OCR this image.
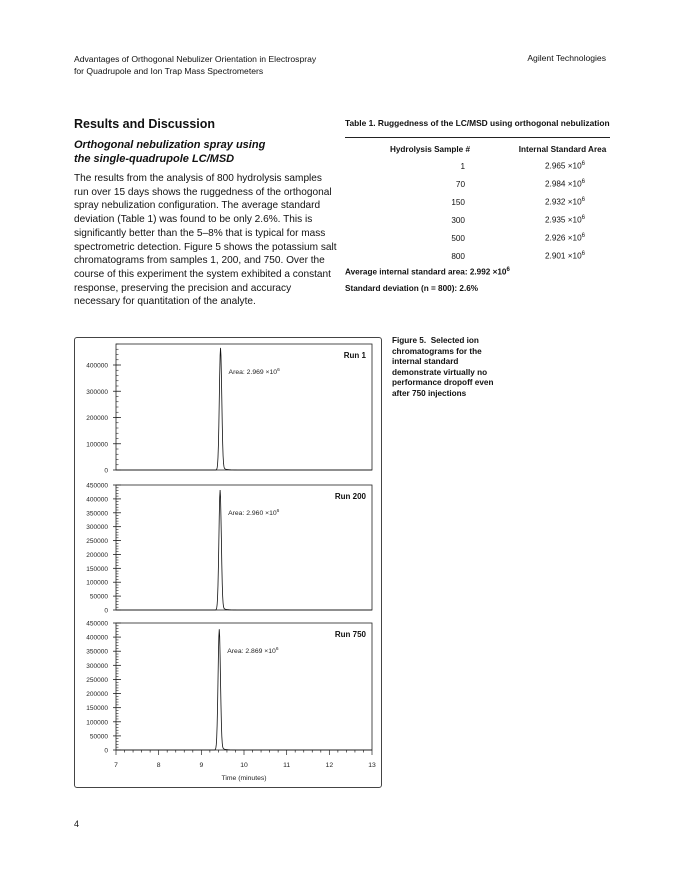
Advantages of Orthogonal Nebulizer Orientation in Electrospray
for Quadrupole and Ion Trap Mass Spectrometers
Agilent Technologies
Results and Discussion
Orthogonal nebulization spray using
the single-quadrupole LC/MSD
The results from the analysis of 800 hydrolysis samples run over 15 days shows the ruggedness of the orthogonal spray nebulization configuration. The average standard deviation (Table 1) was found to be only 2.6%. This is significantly better than the 5–8% that is typical for mass spectrometric detection. Figure 5 shows the potassium salt chromatograms from samples 1, 200, and 750. Over the course of this experiment the system exhibited a constant response, preserving the precision and accuracy necessary for quantitation of the analyte.
Table 1. Ruggedness of the LC/MSD using orthogonal nebulization
Hydrolysis Sample #	Internal Standard Area
1	$2.965 \times 10^6$
70	$2.984 \times 10^6$
150	$2.932 \times 10^6$
300	$2.935 \times 10^6$
500	$2.926 \times 10^6$
800	$2.901 \times 10^6$
Average internal standard area: $2.992 \times 10^6$
Standard deviation (n = 800): 2.6%
0
100000
200000
300000
400000
Run 1
Area: $2.969 \times 10^6$
0
50000
100000
150000
200000
250000
300000
350000
400000
450000
Run 200
Area: $2.960 \times 10^6$
0
50000
100000
150000
200000
250000
300000
350000
400000
450000
Run 750
Area: $2.869 \times 10^6$
7	8	9	10	11	12	13
Time (minutes)
Figure 5. Selected ion chromatograms for the internal standard demonstrate virtually no performance dropoff even after 750 injections
4
